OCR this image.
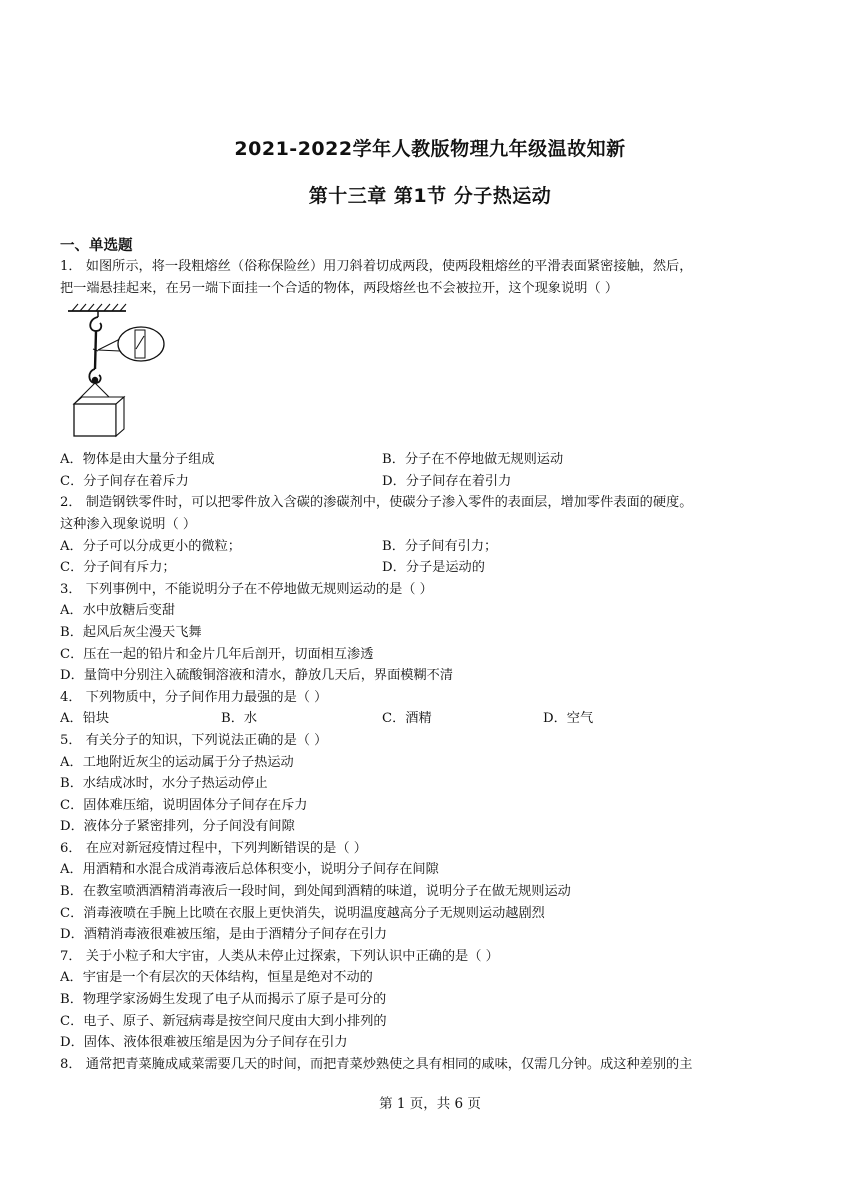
2021-2022学年人教版物理九年级温故知新
第十三章 第1节 分子热运动
一、单选题
1． 如图所示，将一段粗熔丝（俗称保险丝）用刀斜着切成两段，使两段粗熔丝的平滑表面紧密接触，然后，
把一端悬挂起来，在另一端下面挂一个合适的物体，两段熔丝也不会被拉开，这个现象说明（ ）
A．物体是由大量分子组成	B．分子在不停地做无规则运动
C．分子间存在着斥力	D．分子间存在着引力
2． 制造钢铁零件时，可以把零件放入含碳的渗碳剂中，使碳分子渗入零件的表面层，增加零件表面的硬度。
这种渗入现象说明（ ）
A．分子可以分成更小的微粒；	B．分子间有引力；
C．分子间有斥力；	D．分子是运动的
3． 下列事例中，不能说明分子在不停地做无规则运动的是（ ）
A．水中放糖后变甜
B．起风后灰尘漫天飞舞
C．压在一起的铅片和金片几年后剖开，切面相互渗透
D．量筒中分别注入硫酸铜溶液和清水，静放几天后，界面模糊不清
4． 下列物质中，分子间作用力最强的是（ ）
A．铅块	B．水	C．酒精	D．空气
5． 有关分子的知识，下列说法正确的是（ ）
A．工地附近灰尘的运动属于分子热运动
B．水结成冰时，水分子热运动停止
C．固体难压缩，说明固体分子间存在斥力
D．液体分子紧密排列，分子间没有间隙
6． 在应对新冠疫情过程中，下列判断错误的是（ ）
A．用酒精和水混合成消毒液后总体积变小，说明分子间存在间隙
B．在教室喷洒酒精消毒液后一段时间，到处闻到酒精的味道，说明分子在做无规则运动
C．消毒液喷在手腕上比喷在衣服上更快消失，说明温度越高分子无规则运动越剧烈
D．酒精消毒液很难被压缩，是由于酒精分子间存在引力
7． 关于小粒子和大宇宙，人类从未停止过探索，下列认识中正确的是（ ）
A．宇宙是一个有层次的天体结构，恒星是绝对不动的
B．物理学家汤姆生发现了电子从而揭示了原子是可分的
C．电子、原子、新冠病毒是按空间尺度由大到小排列的
D．固体、液体很难被压缩是因为分子间存在引力
8． 通常把青菜腌成咸菜需要几天的时间，而把青菜炒熟使之具有相同的咸味，仅需几分钟。成这种差别的主
第 1 页，共 6 页
